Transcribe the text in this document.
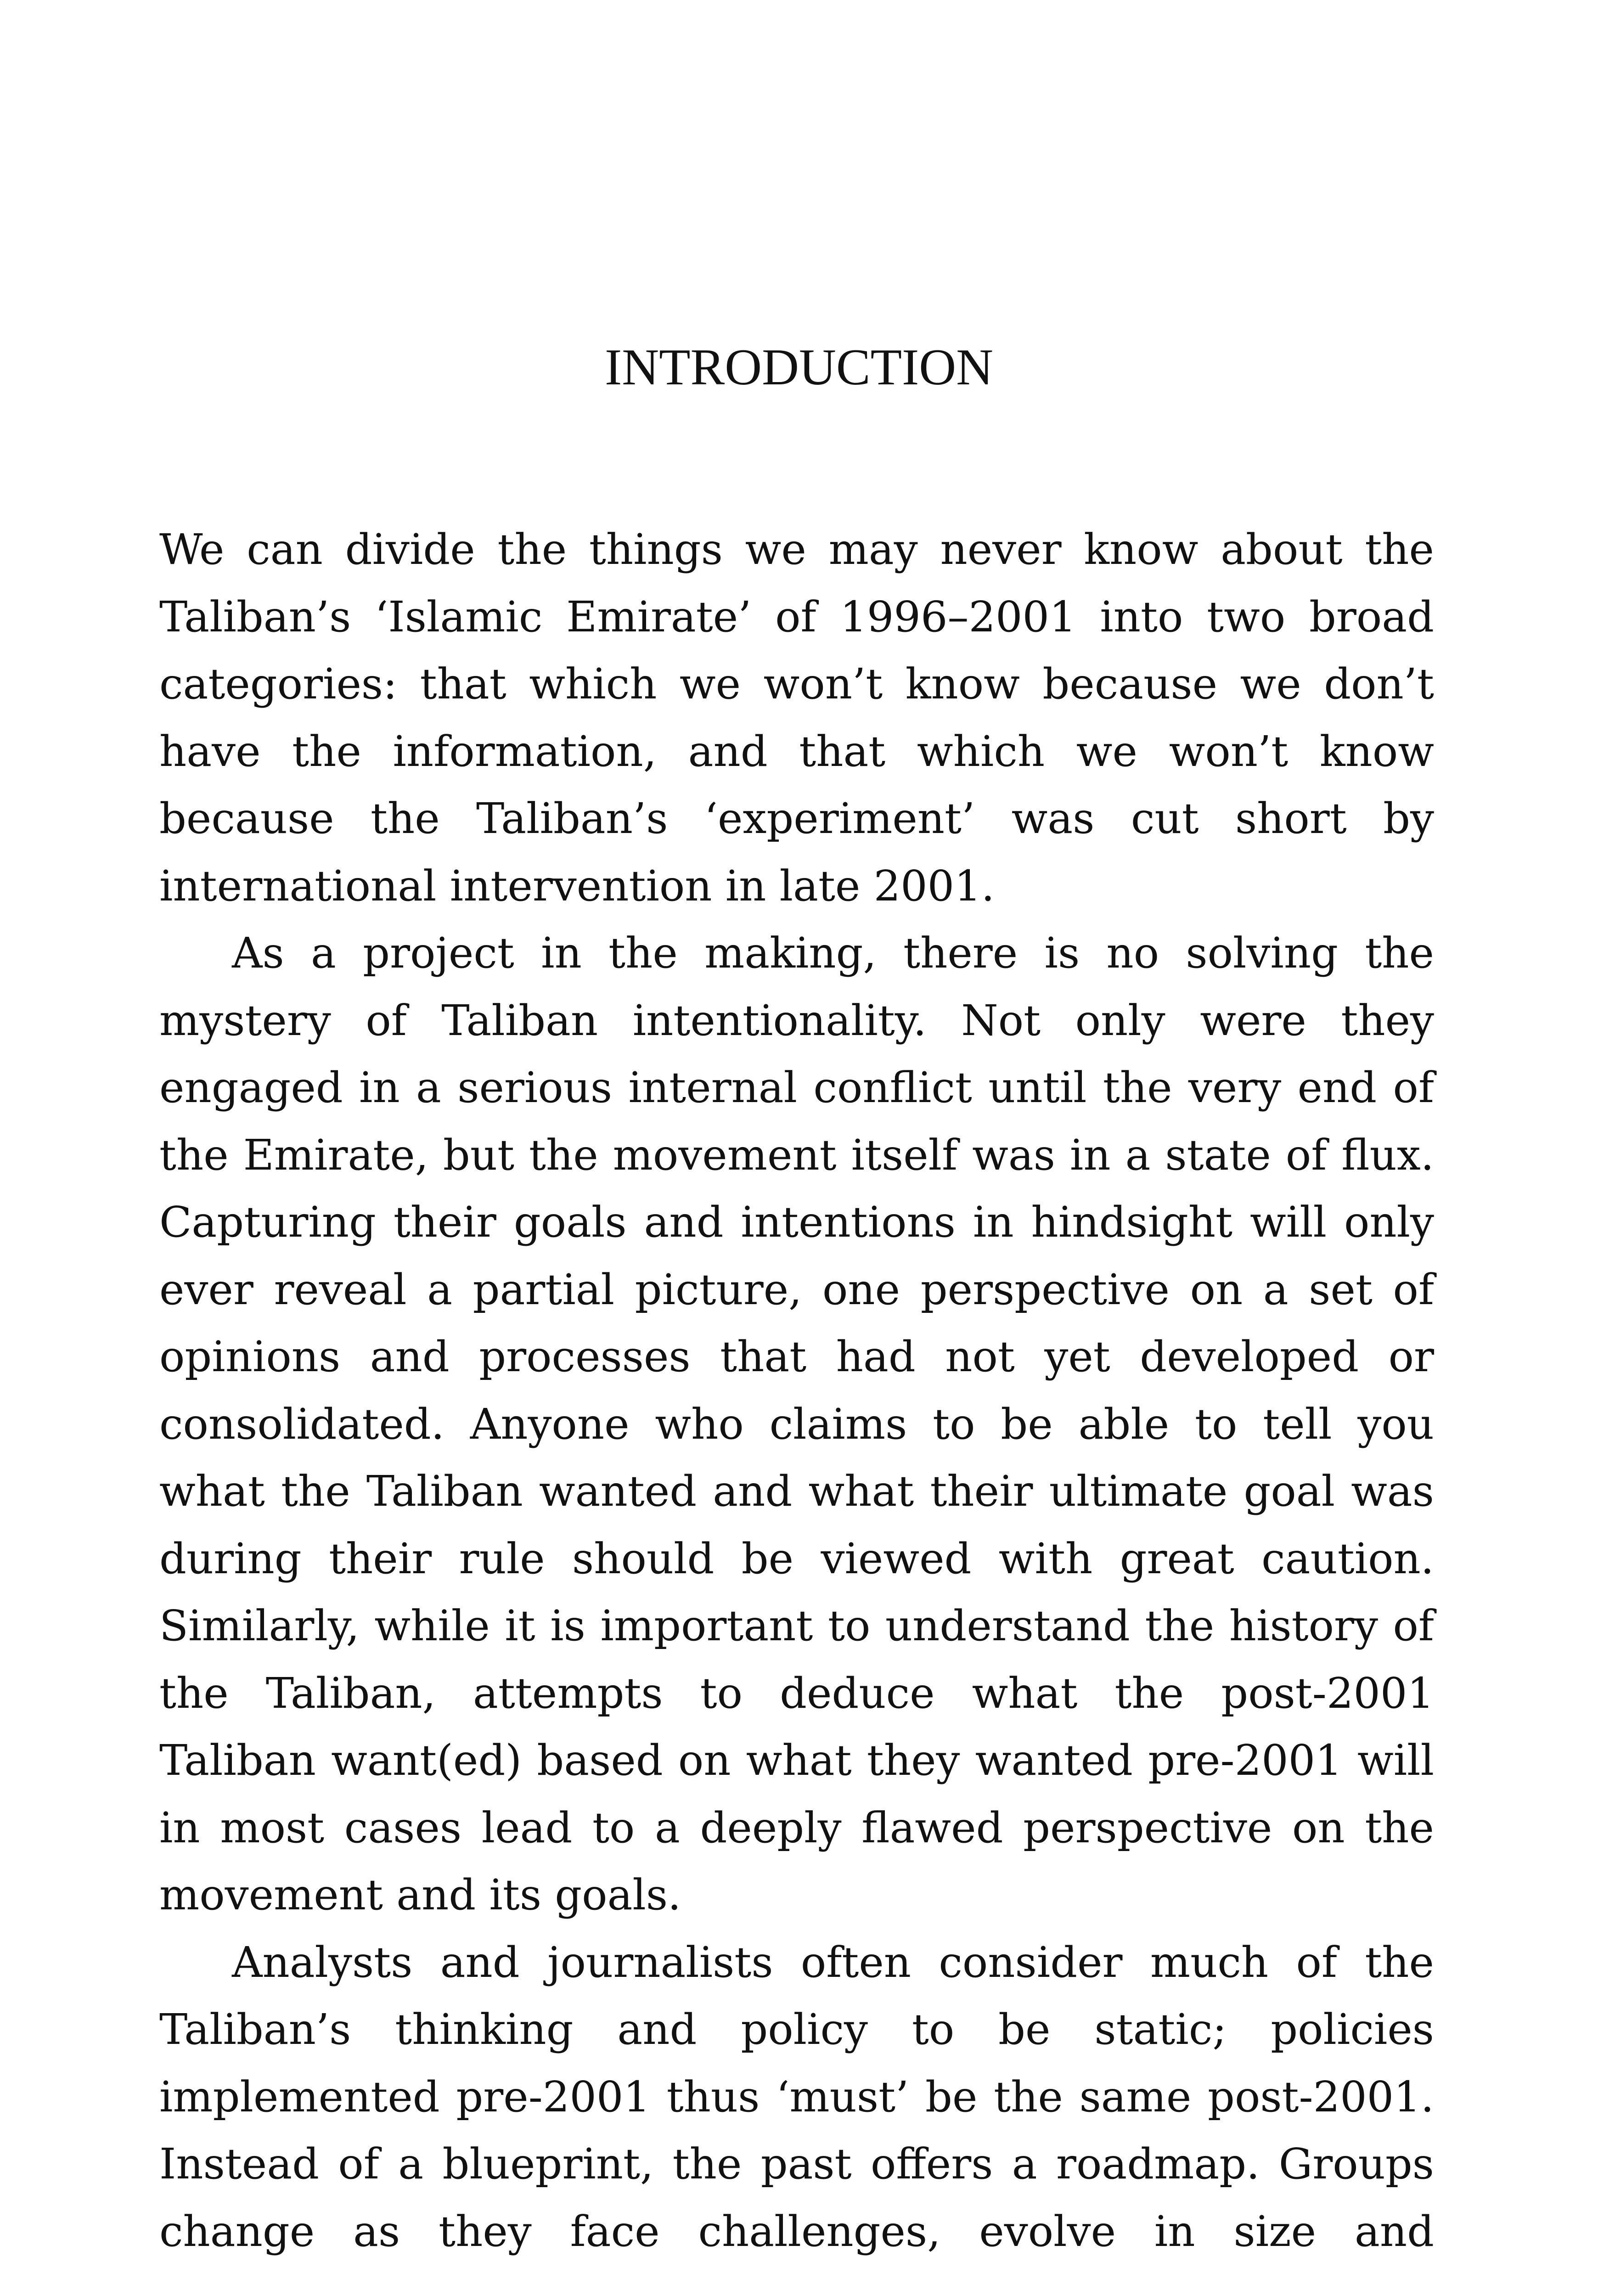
INTRODUCTION

We can divide the things we may never know about the Taliban’s ‘Islamic Emirate’ of 1996–2001 into two broad categories: that which we won’t know because we don’t have the information, and that which we won’t know because the Taliban’s ‘experiment’ was cut short by international intervention in late 2001.

As a project in the making, there is no solving the mystery of Taliban intentionality. Not only were they engaged in a serious internal conflict until the very end of the Emirate, but the movement itself was in a state of flux. Capturing their goals and intentions in hindsight will only ever reveal a partial picture, one perspective on a set of opinions and processes that had not yet developed or consolidated. Anyone who claims to be able to tell you what the Taliban wanted and what their ultimate goal was during their rule should be viewed with great caution. Similarly, while it is important to understand the history of the Taliban, attempts to deduce what the post-2001 Taliban want(ed) based on what they wanted pre-2001 will in most cases lead to a deeply flawed perspective on the movement and its goals.

Analysts and journalists often consider much of the Taliban’s thinking and policy to be static; policies implemented pre-2001 thus ‘must’ be the same post-2001. Instead of a blueprint, the past offers a roadmap. Groups change as they face challenges, evolve in size and
